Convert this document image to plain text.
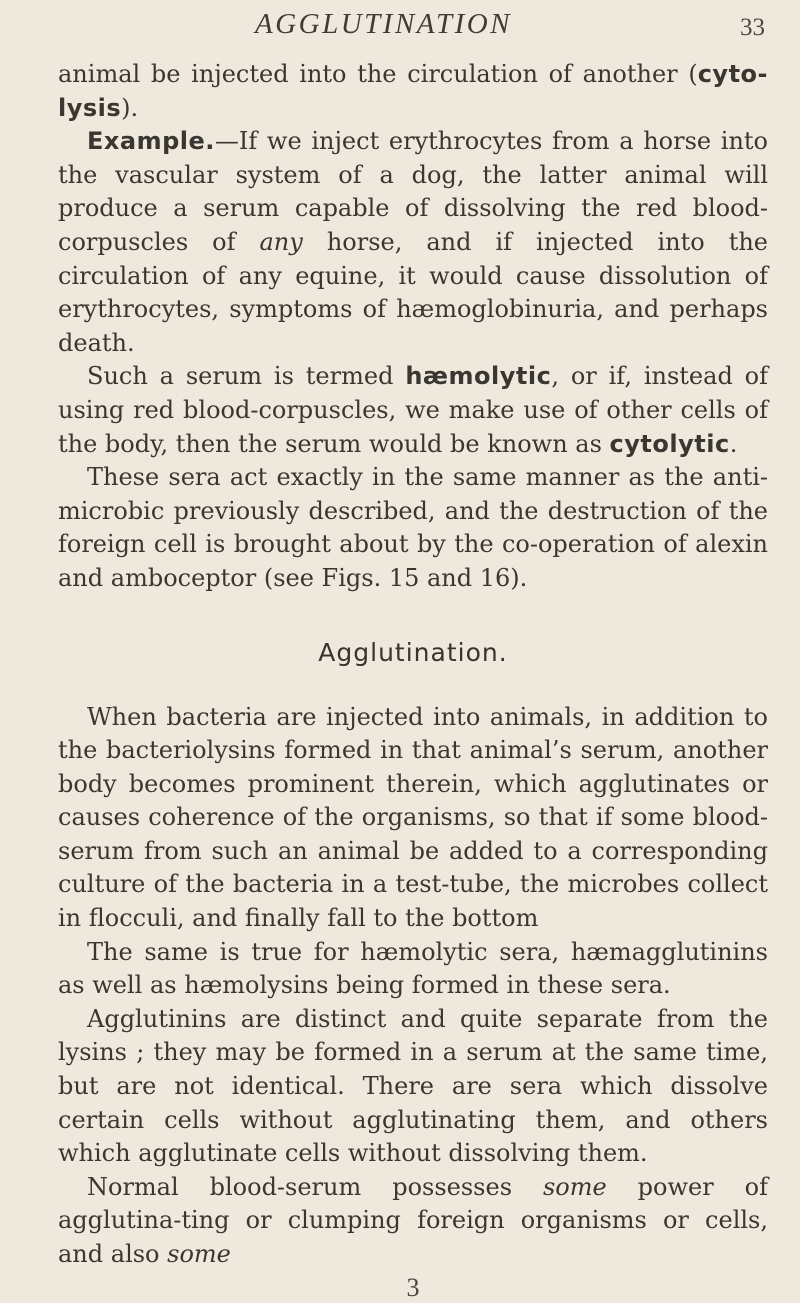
AGGLUTINATION	33

animal be injected into the circulation of another (cyto-lysis).

Example.—If we inject erythrocytes from a horse into the vascular system of a dog, the latter animal will produce a serum capable of dissolving the red blood-corpuscles of any horse, and if injected into the circulation of any equine, it would cause dissolution of erythrocytes, symptoms of hæmoglobinuria, and perhaps death.

Such a serum is termed hæmolytic, or if, instead of using red blood-corpuscles, we make use of other cells of the body, then the serum would be known as cytolytic.

These sera act exactly in the same manner as the anti-microbic previously described, and the destruction of the foreign cell is brought about by the co-operation of alexin and amboceptor (see Figs. 15 and 16).

Agglutination.

When bacteria are injected into animals, in addition to the bacteriolysins formed in that animal’s serum, another body becomes prominent therein, which agglutinates or causes coherence of the organisms, so that if some blood-serum from such an animal be added to a corresponding culture of the bacteria in a test-tube, the microbes collect in flocculi, and finally fall to the bottom

The same is true for hæmolytic sera, hæmagglutinins as well as hæmolysins being formed in these sera.

Agglutinins are distinct and quite separate from the lysins ; they may be formed in a serum at the same time, but are not identical. There are sera which dissolve certain cells without agglutinating them, and others which agglutinate cells without dissolving them.

Normal blood-serum possesses some power of agglutina-ting or clumping foreign organisms or cells, and also some

3
